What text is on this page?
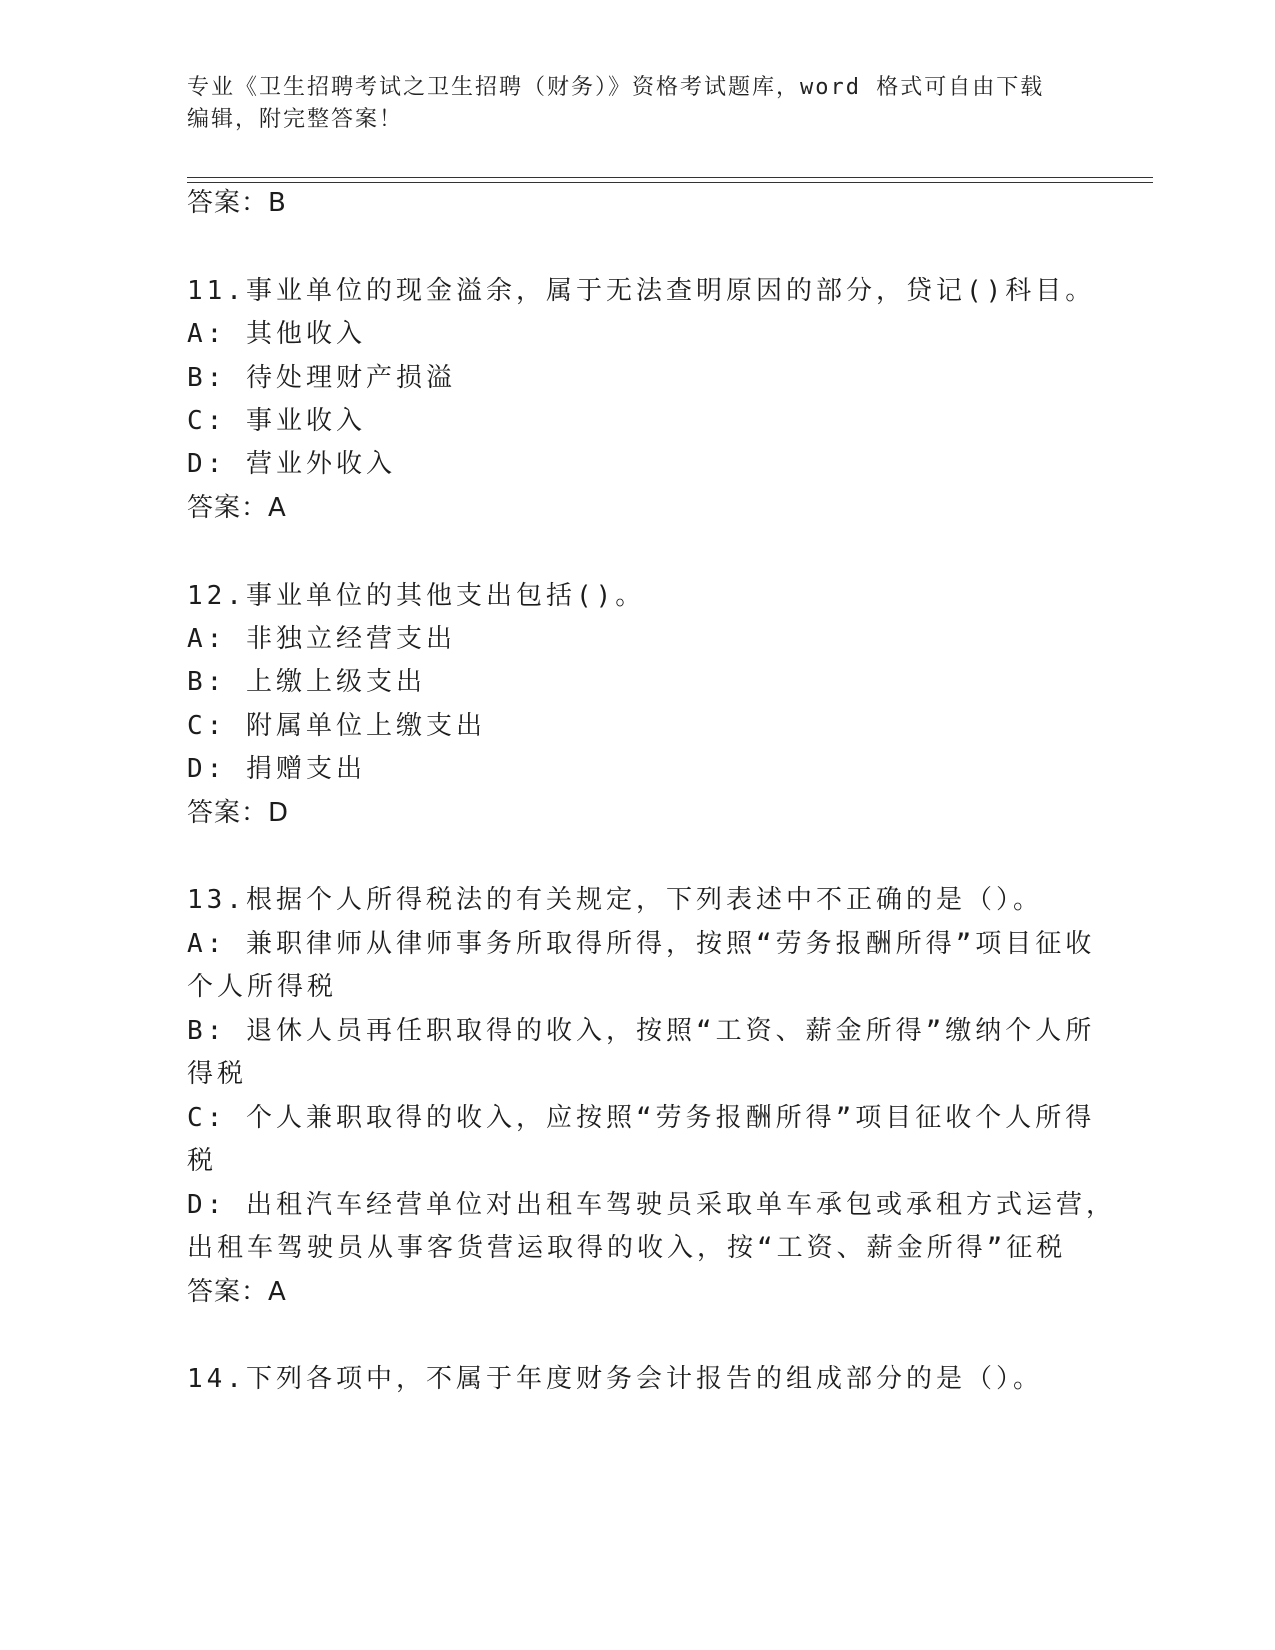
专业《卫生招聘考试之卫生招聘（财务）》资格考试题库，word 格式可自由下载
编辑，附完整答案！
答案：B
11.事业单位的现金溢余，属于无法查明原因的部分，贷记()科目。
A: 其他收入
B: 待处理财产损溢
C: 事业收入
D: 营业外收入
答案：A
12.事业单位的其他支出包括()。
A: 非独立经营支出
B: 上缴上级支出
C: 附属单位上缴支出
D: 捐赠支出
答案：D
13.根据个人所得税法的有关规定，下列表述中不正确的是（）。
A: 兼职律师从律师事务所取得所得，按照“劳务报酬所得”项目征收
个人所得税
B: 退休人员再任职取得的收入，按照“工资、薪金所得”缴纳个人所
得税
C: 个人兼职取得的收入，应按照“劳务报酬所得”项目征收个人所得
税
D: 出租汽车经营单位对出租车驾驶员采取单车承包或承租方式运营，
出租车驾驶员从事客货营运取得的收入，按“工资、薪金所得”征税
答案：A
14.下列各项中，不属于年度财务会计报告的组成部分的是（）。
